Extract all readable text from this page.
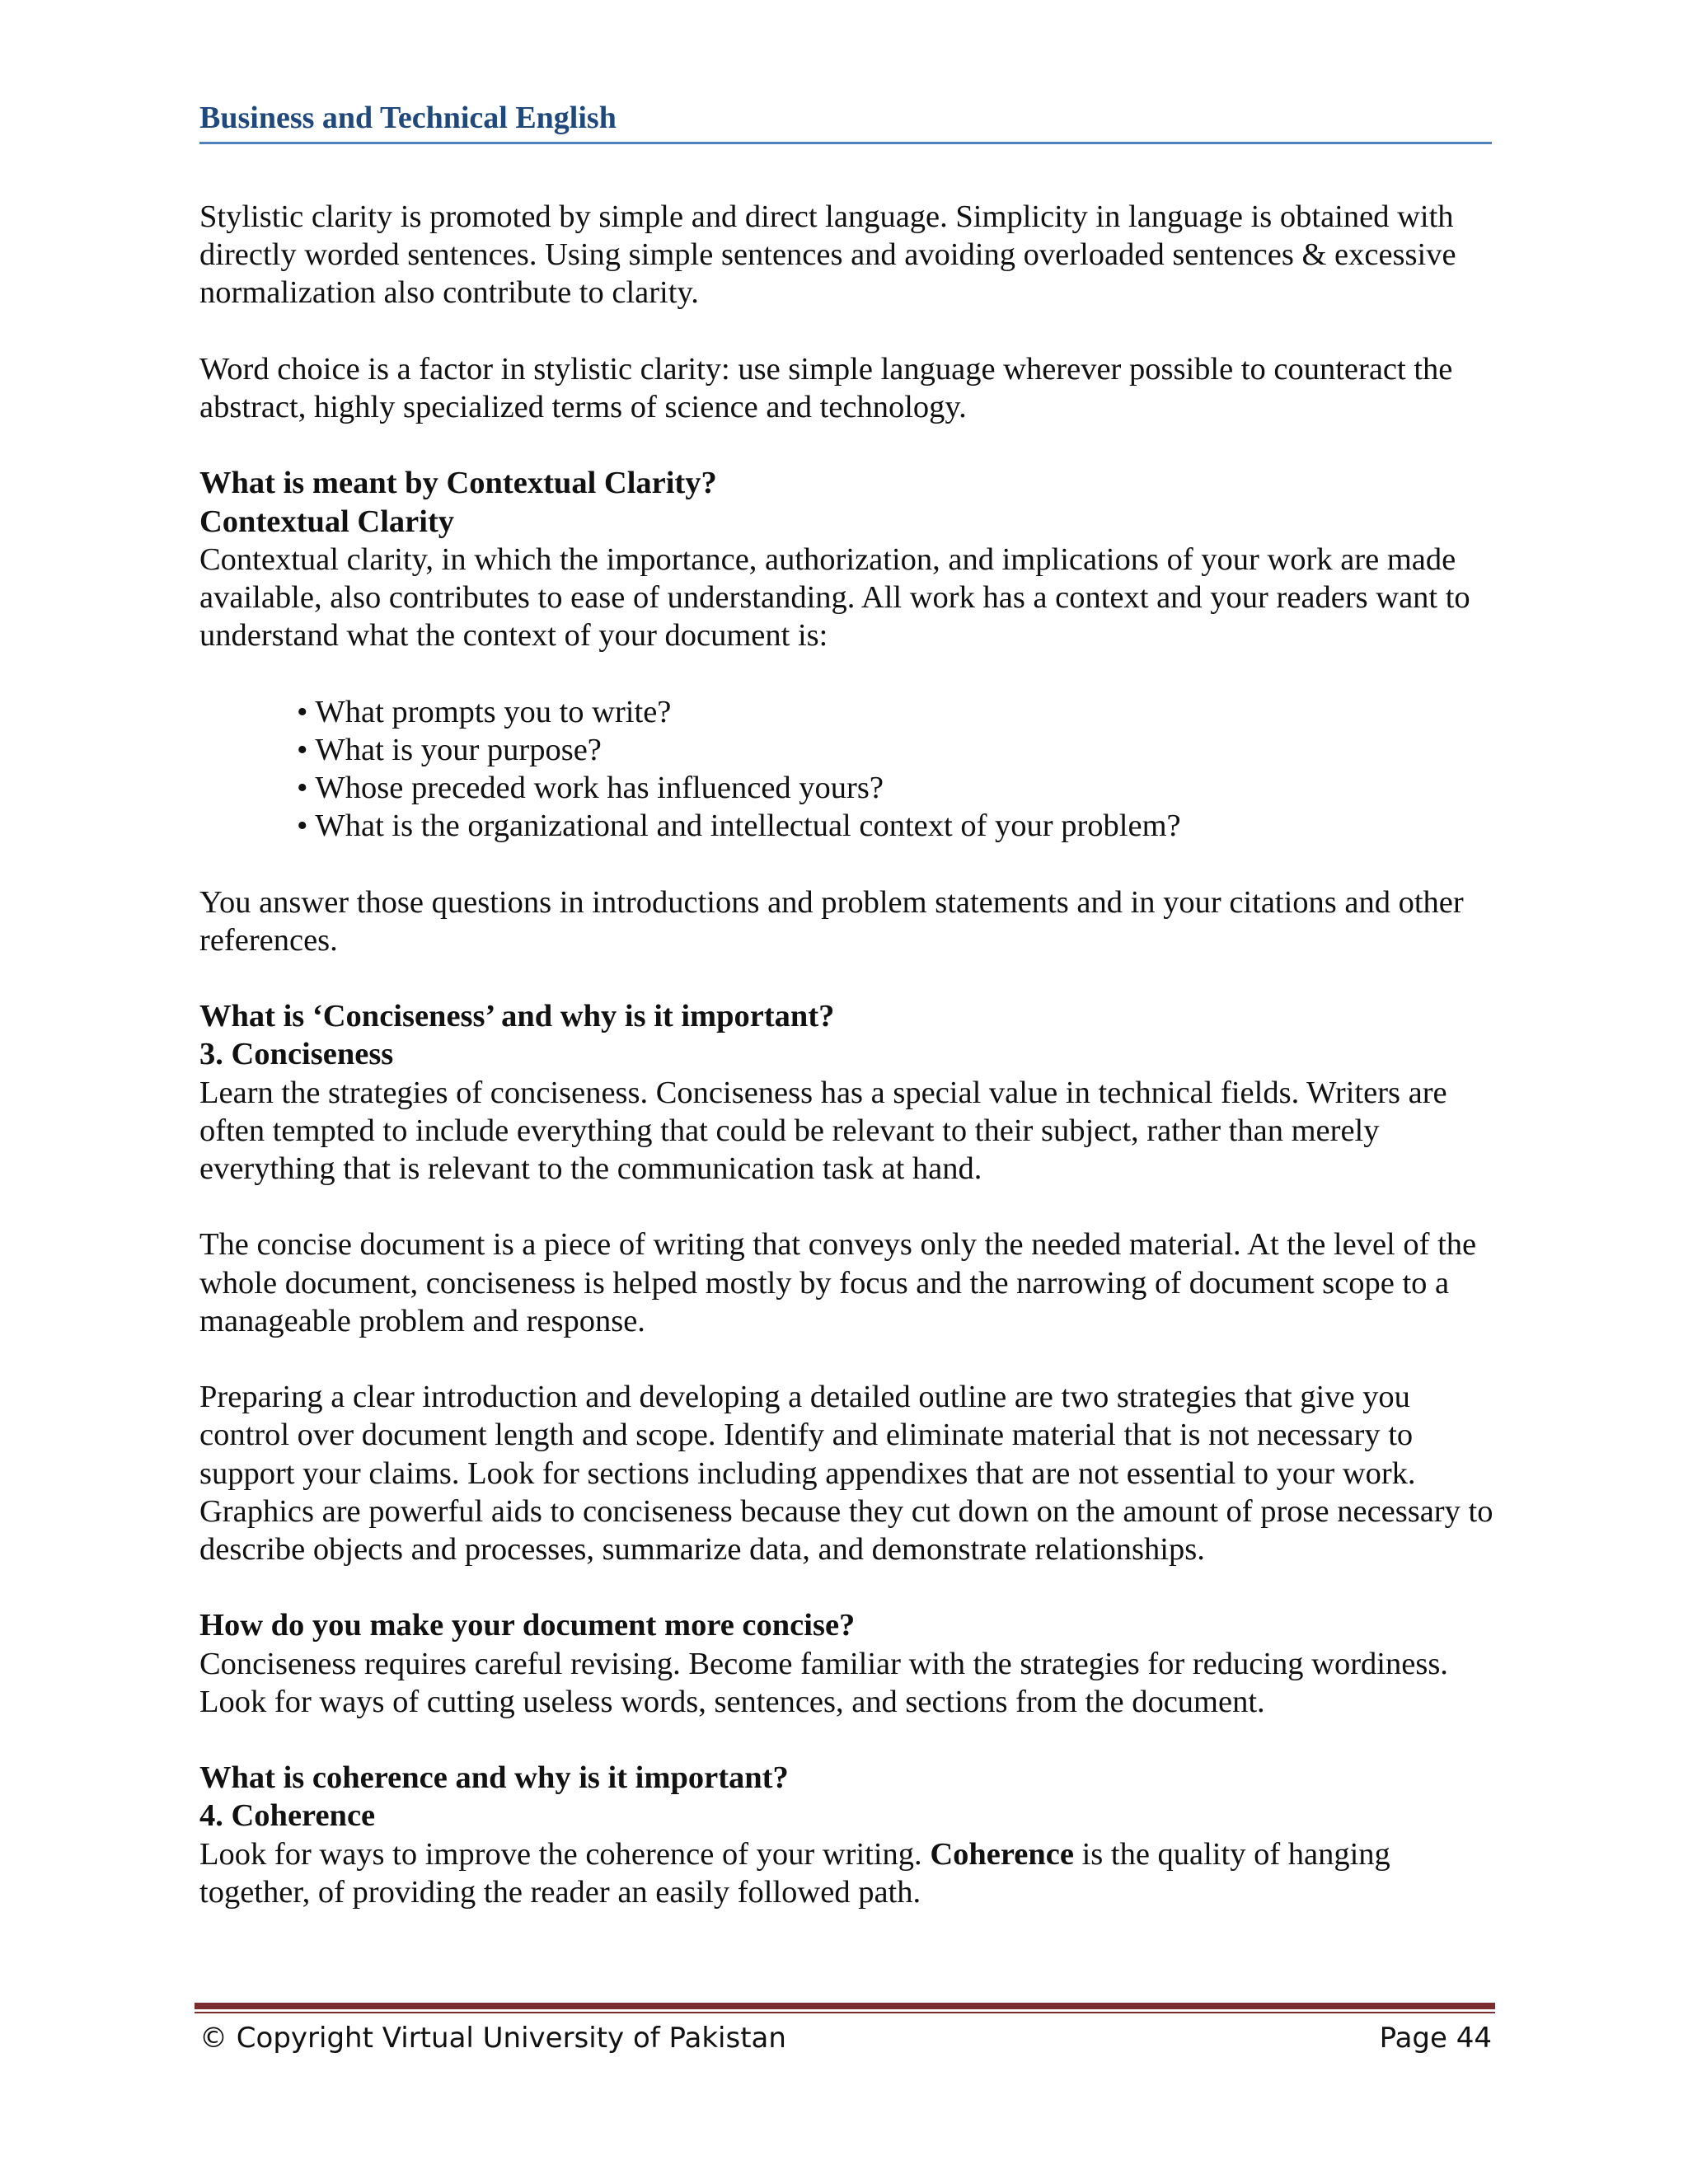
Business and Technical English

Stylistic clarity is promoted by simple and direct language. Simplicity in language is obtained with directly worded sentences. Using simple sentences and avoiding overloaded sentences & excessive normalization also contribute to clarity.

Word choice is a factor in stylistic clarity: use simple language wherever possible to counteract the abstract, highly specialized terms of science and technology.

What is meant by Contextual Clarity?

Contextual Clarity

Contextual clarity, in which the importance, authorization, and implications of your work are made available, also contributes to ease of understanding. All work has a context and your readers want to understand what the context of your document is:

• What prompts you to write?
• What is your purpose?
• Whose preceded work has influenced yours?
• What is the organizational and intellectual context of your problem?

You answer those questions in introductions and problem statements and in your citations and other references.

What is ‘Conciseness’ and why is it important?

3. Conciseness

Learn the strategies of conciseness. Conciseness has a special value in technical fields. Writers are often tempted to include everything that could be relevant to their subject, rather than merely everything that is relevant to the communication task at hand.

The concise document is a piece of writing that conveys only the needed material. At the level of the whole document, conciseness is helped mostly by focus and the narrowing of document scope to a manageable problem and response.

Preparing a clear introduction and developing a detailed outline are two strategies that give you control over document length and scope. Identify and eliminate material that is not necessary to support your claims. Look for sections including appendixes that are not essential to your work. Graphics are powerful aids to conciseness because they cut down on the amount of prose necessary to describe objects and processes, summarize data, and demonstrate relationships.

How do you make your document more concise?

Conciseness requires careful revising. Become familiar with the strategies for reducing wordiness. Look for ways of cutting useless words, sentences, and sections from the document.

What is coherence and why is it important?

4. Coherence

Look for ways to improve the coherence of your writing. Coherence is the quality of hanging together, of providing the reader an easily followed path.

© Copyright Virtual University of Pakistan	Page 44
